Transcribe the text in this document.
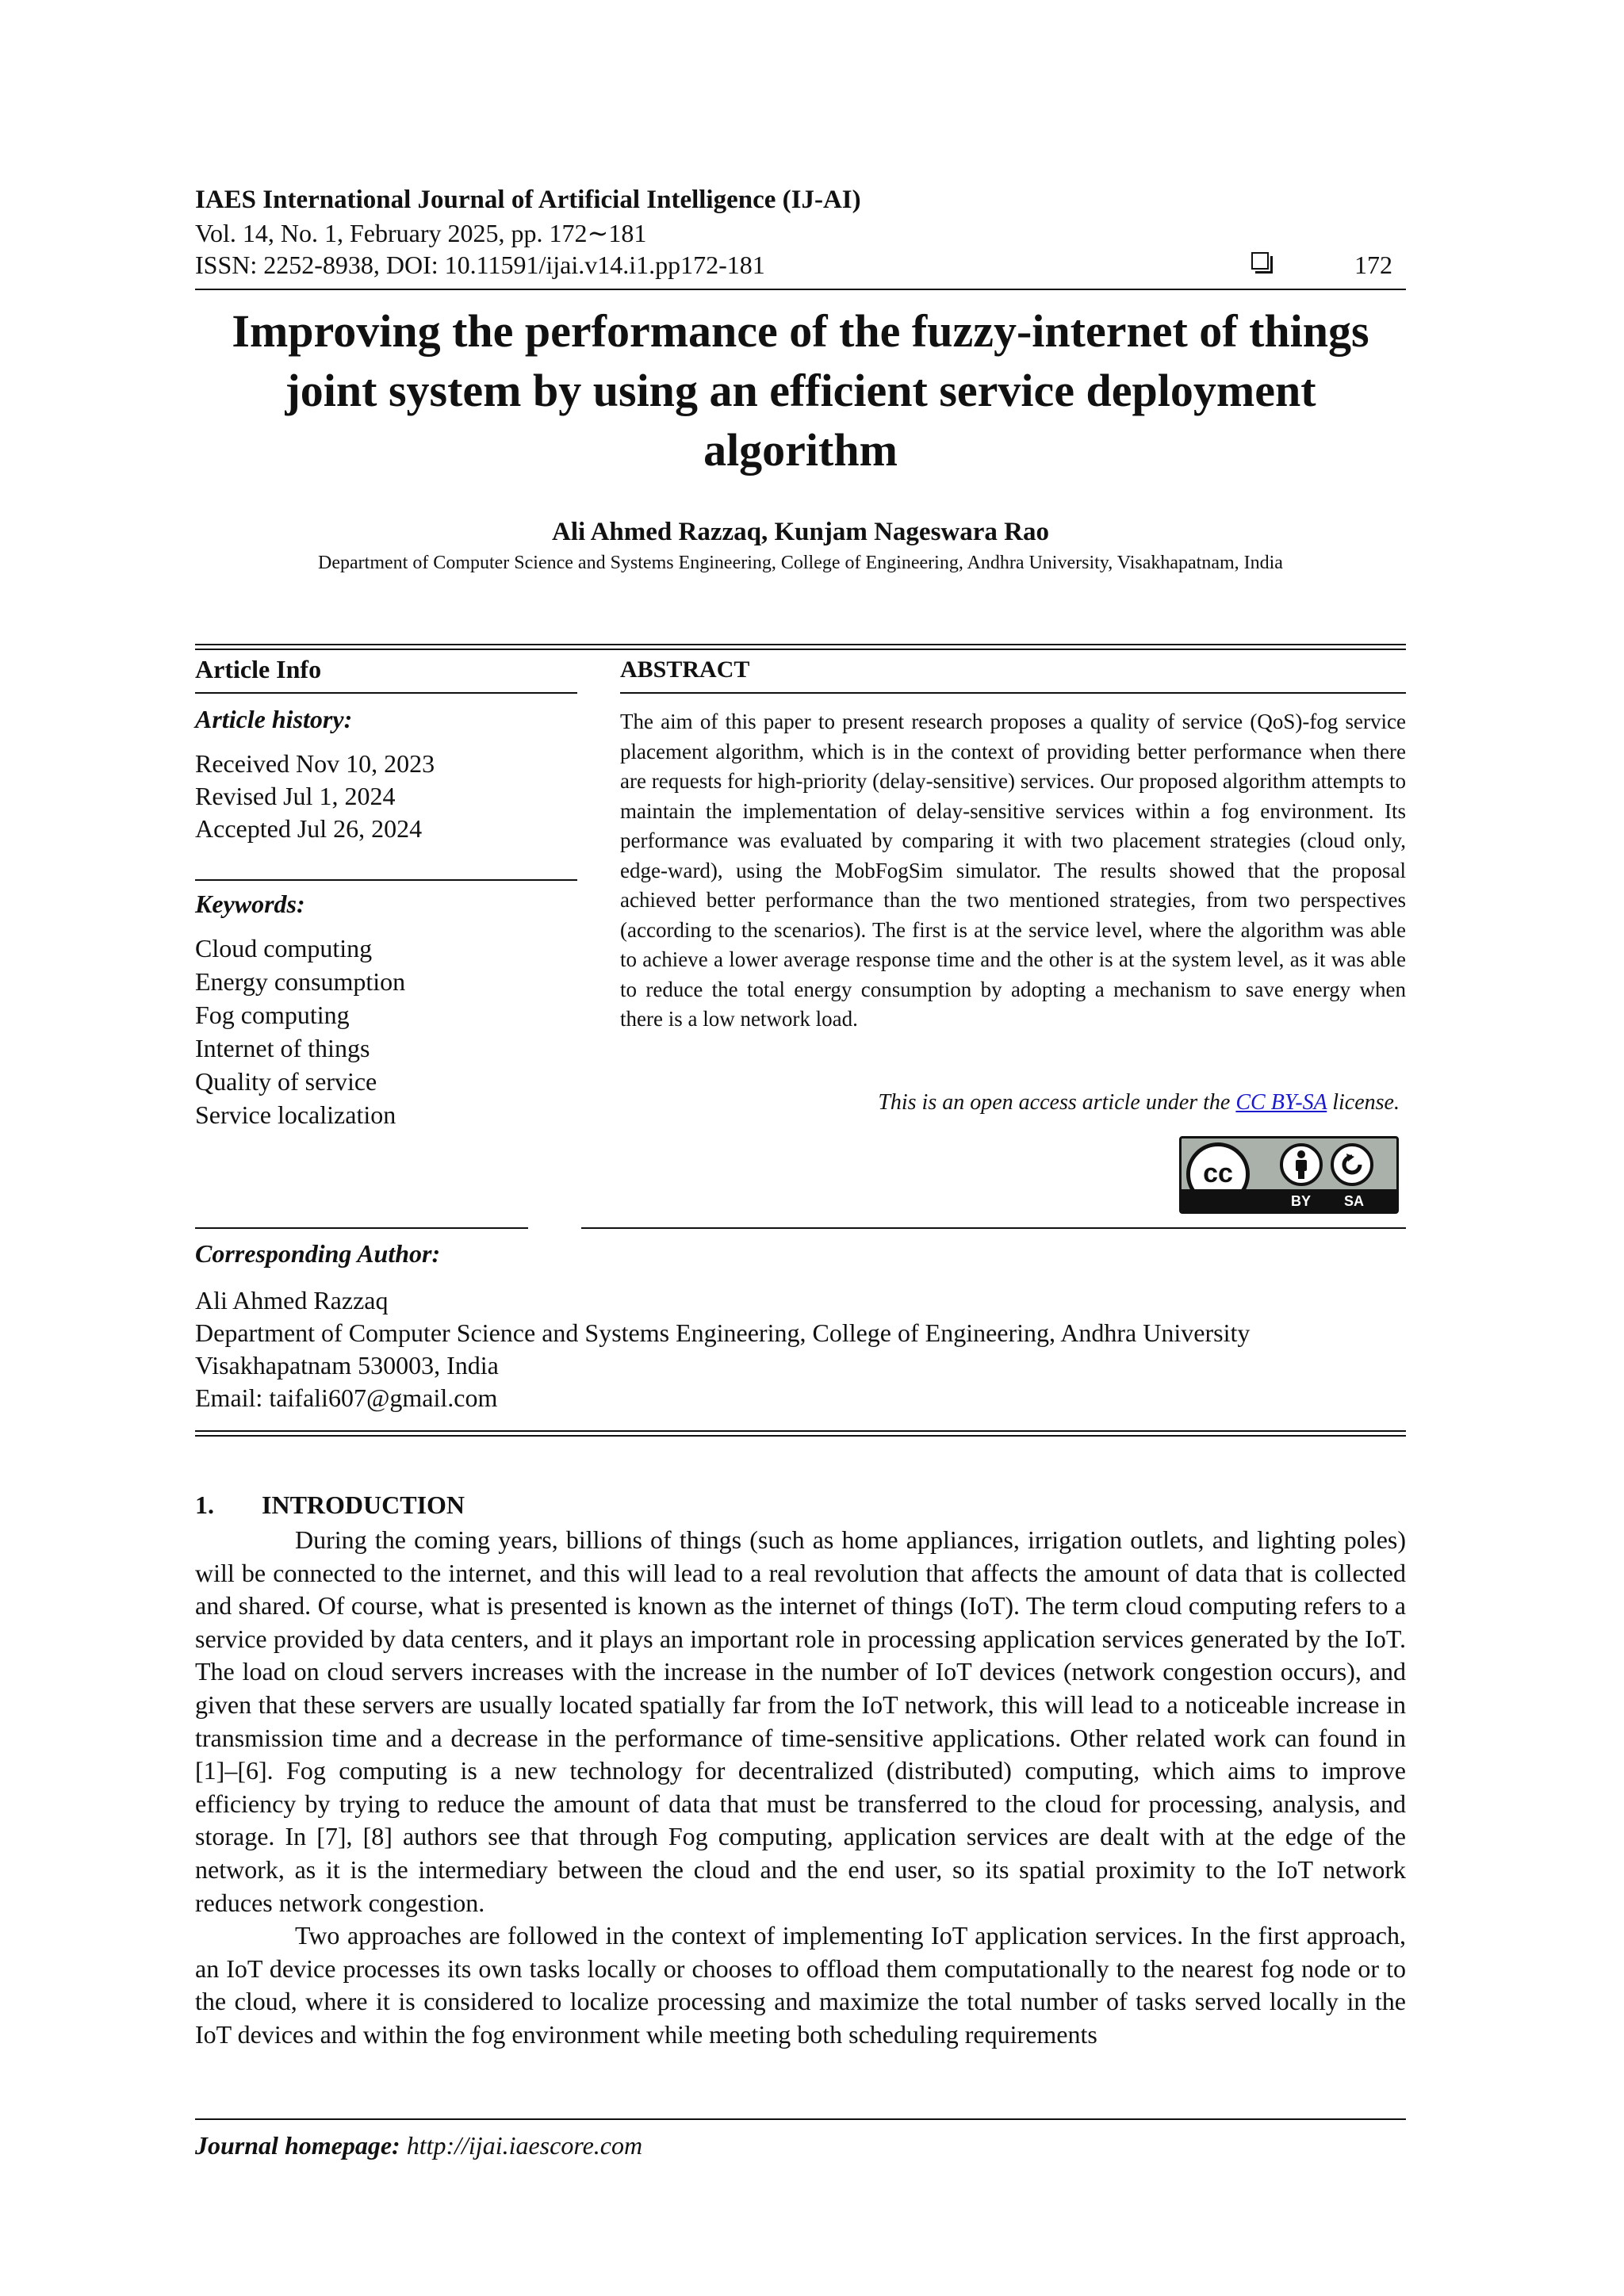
IAES International Journal of Artificial Intelligence (IJ-AI)
Vol. 14, No. 1, February 2025, pp. 172∼181
ISSN: 2252-8938, DOI: 10.11591/ijai.v14.i1.pp172-181	172
Improving the performance of the fuzzy-internet of things joint system by using an efficient service deployment algorithm
Ali Ahmed Razzaq, Kunjam Nageswara Rao
Department of Computer Science and Systems Engineering, College of Engineering, Andhra University, Visakhapatnam, India
Article Info
Article history:
Received Nov 10, 2023
Revised Jul 1, 2024
Accepted Jul 26, 2024
Keywords:
Cloud computing
Energy consumption
Fog computing
Internet of things
Quality of service
Service localization
ABSTRACT
The aim of this paper to present research proposes a quality of service (QoS)-fog service placement algorithm, which is in the context of providing better performance when there are requests for high-priority (delay-sensitive) services. Our proposed algorithm attempts to maintain the implementation of delay-sensitive services within a fog environment. Its performance was evaluated by comparing it with two placement strategies (cloud only, edge-ward), using the MobFogSim simulator. The results showed that the proposal achieved better performance than the two mentioned strategies, from two perspectives (according to the scenarios). The first is at the service level, where the algorithm was able to achieve a lower average response time and the other is at the system level, as it was able to reduce the total energy consumption by adopting a mechanism to save energy when there is a low network load.
This is an open access article under the CC BY-SA license.
cc
BY SA
Corresponding Author:
Ali Ahmed Razzaq
Department of Computer Science and Systems Engineering, College of Engineering, Andhra University
Visakhapatnam 530003, India
Email: taifali607@gmail.com
1. INTRODUCTION

During the coming years, billions of things (such as home appliances, irrigation outlets, and lighting poles) will be connected to the internet, and this will lead to a real revolution that affects the amount of data that is collected and shared. Of course, what is presented is known as the internet of things (IoT). The term cloud computing refers to a service provided by data centers, and it plays an important role in processing application services generated by the IoT. The load on cloud servers increases with the increase in the number of IoT devices (network congestion occurs), and given that these servers are usually located spatially far from the IoT network, this will lead to a noticeable increase in transmission time and a decrease in the performance of time-sensitive applications. Other related work can found in [1]–[6]. Fog computing is a new technology for decentralized (distributed) computing, which aims to improve efficiency by trying to reduce the amount of data that must be transferred to the cloud for processing, analysis, and storage. In [7], [8] authors see that through Fog computing, application services are dealt with at the edge of the network, as it is the intermediary between the cloud and the end user, so its spatial proximity to the IoT network reduces network congestion.

Two approaches are followed in the context of implementing IoT application services. In the first approach, an IoT device processes its own tasks locally or chooses to offload them computationally to the nearest fog node or to the cloud, where it is considered to localize processing and maximize the total number of tasks served locally in the IoT devices and within the fog environment while meeting both scheduling requirements

Journal homepage: http://ijai.iaescore.com
